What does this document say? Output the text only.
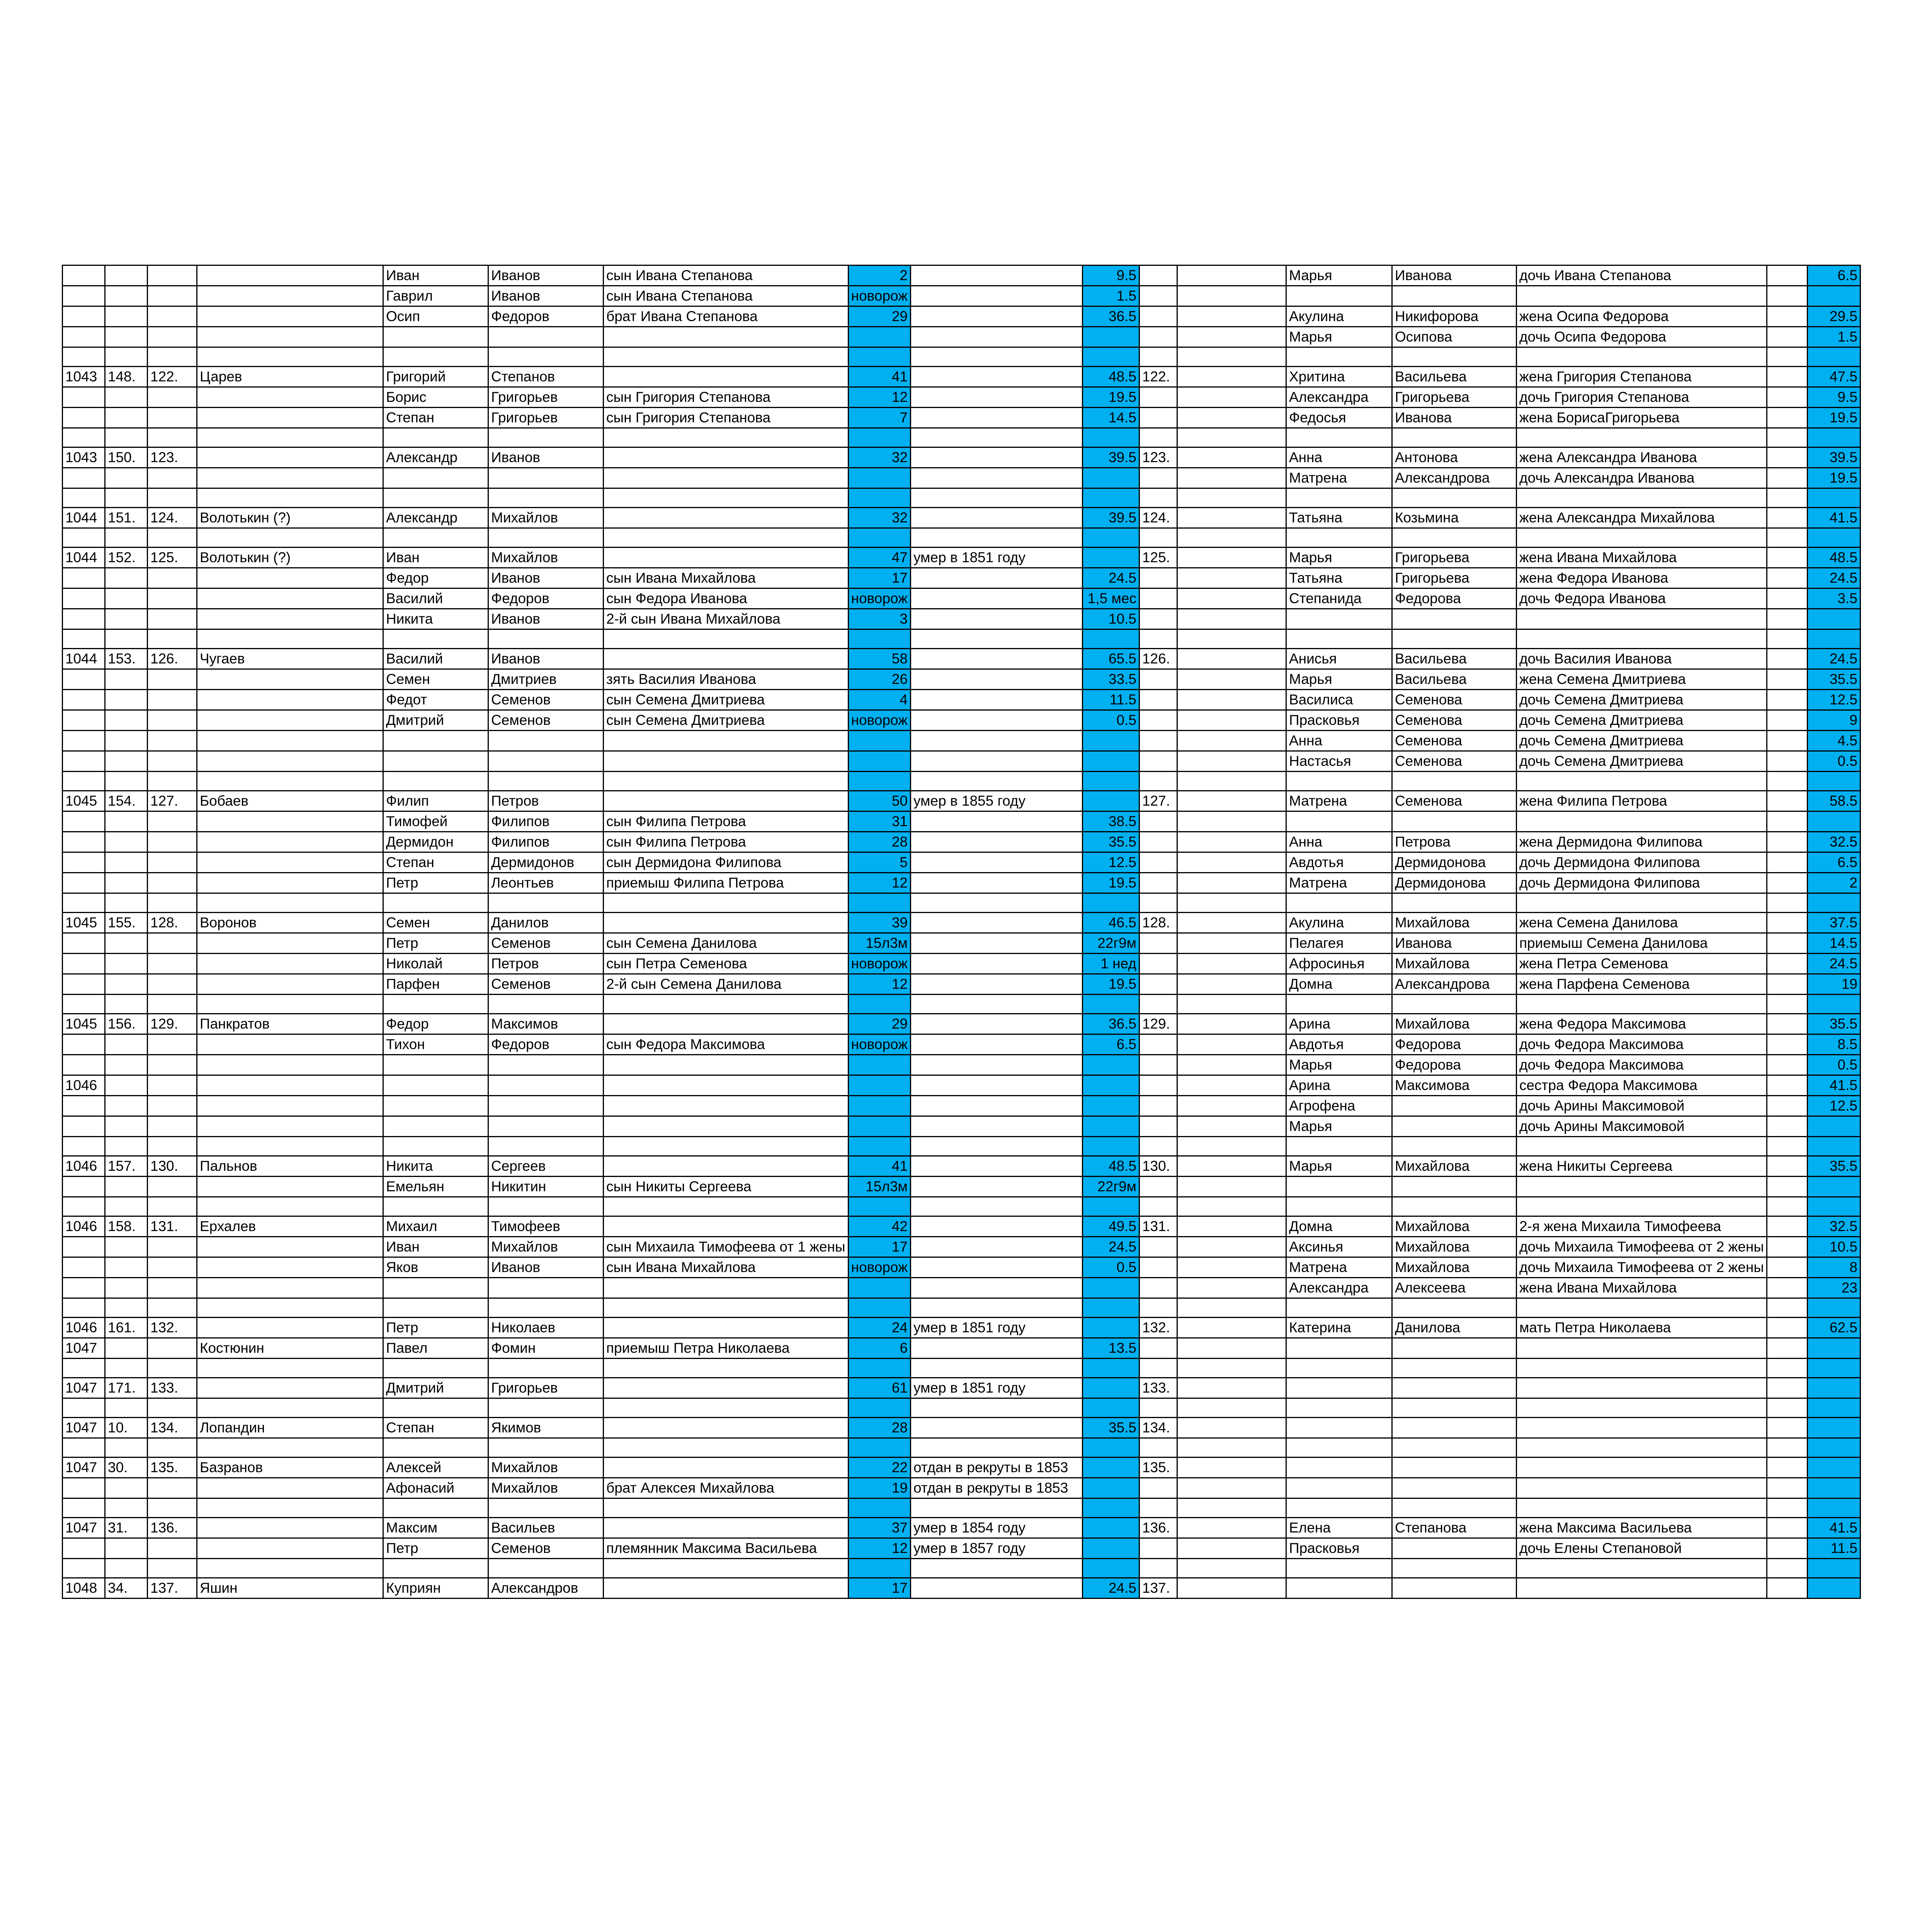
				Иван	Иванов	сын Ивана Степанова	2		9.5			Марья	Иванова	дочь Ивана Степанова		6.5
				Гаврил	Иванов	сын Ивана Степанова	новорож		1.5							
				Осип	Федоров	брат Ивана Степанова	29		36.5			Акулина	Никифорова	жена Осипа Федорова		29.5
												Марья	Осипова	дочь Осипа Федорова		1.5

1043	148.	122.	Царев	Григорий	Степанов		41		48.5	122.		Хритина	Васильева	жена Григория Степанова		47.5
				Борис	Григорьев	сын Григория Степанова	12		19.5			Александра	Григорьева	дочь Григория Степанова		9.5
				Степан	Григорьев	сын Григория Степанова	7		14.5			Федосья	Иванова	жена БорисаГригорьева		19.5

1043	150.	123.		Александр	Иванов		32		39.5	123.		Анна	Антонова	жена Александра Иванова		39.5
												Матрена	Александрова	дочь Александра Иванова		19.5

1044	151.	124.	Волотькин (?)	Александр	Михайлов		32		39.5	124.		Татьяна	Козьмина	жена Александра Михайлова		41.5

1044	152.	125.	Волотькин (?)	Иван	Михайлов		47	умер в 1851 году		125.		Марья	Григорьева	жена Ивана Михайлова		48.5
				Федор	Иванов	сын Ивана Михайлова	17		24.5			Татьяна	Григорьева	жена Федора Иванова		24.5
				Василий	Федоров	сын Федора Иванова	новорож		1,5 мес			Степанида	Федорова	дочь Федора Иванова		3.5
				Никита	Иванов	2-й сын Ивана Михайлова	3		10.5							

1044	153.	126.	Чугаев	Василий	Иванов		58		65.5	126.		Анисья	Васильева	дочь Василия Иванова		24.5
				Семен	Дмитриев	зять Василия Иванова	26		33.5			Марья	Васильева	жена Семена Дмитриева		35.5
				Федот	Семенов	сын Семена Дмитриева	4		11.5			Василиса	Семенова	дочь Семена Дмитриева		12.5
				Дмитрий	Семенов	сын Семена Дмитриева	новорож		0.5			Прасковья	Семенова	дочь Семена Дмитриева		9
												Анна	Семенова	дочь Семена Дмитриева		4.5
												Настасья	Семенова	дочь Семена Дмитриева		0.5

1045	154.	127.	Бобаев	Филип	Петров		50	умер в 1855 году		127.		Матрена	Семенова	жена Филипа Петрова		58.5
				Тимофей	Филипов	сын Филипа Петрова	31		38.5							
				Дермидон	Филипов	сын Филипа Петрова	28		35.5			Анна	Петрова	жена Дермидона Филипова		32.5
				Степан	Дермидонов	сын Дермидона Филипова	5		12.5			Авдотья	Дермидонова	дочь Дермидона Филипова		6.5
				Петр	Леонтьев	приемыш Филипа Петрова	12		19.5			Матрена	Дермидонова	дочь Дермидона Филипова		2

1045	155.	128.	Воронов	Семен	Данилов		39		46.5	128.		Акулина	Михайлова	жена Семена Данилова		37.5
				Петр	Семенов	сын Семена Данилова	15л3м		22г9м			Пелагея	Иванова	приемыш Семена Данилова		14.5
				Николай	Петров	сын Петра Семенова	новорож		1 нед			Афросинья	Михайлова	жена Петра Семенова		24.5
				Парфен	Семенов	2-й сын Семена Данилова	12		19.5			Домна	Александрова	жена Парфена Семенова		19

1045	156.	129.	Панкратов	Федор	Максимов		29		36.5	129.		Арина	Михайлова	жена Федора Максимова		35.5
				Тихон	Федоров	сын Федора Максимова	новорож		6.5			Авдотья	Федорова	дочь Федора Максимова		8.5
												Марья	Федорова	дочь Федора Максимова		0.5
1046												Арина	Максимова	сестра Федора Максимова		41.5
												Агрофена		дочь Арины Максимовой		12.5
												Марья		дочь Арины Максимовой		

1046	157.	130.	Пальнов	Никита	Сергеев		41		48.5	130.		Марья	Михайлова	жена Никиты Сергеева		35.5
				Емельян	Никитин	сын Никиты Сергеева	15л3м		22г9м							

1046	158.	131.	Ерхалев	Михаил	Тимофеев		42		49.5	131.		Домна	Михайлова	2-я жена Михаила Тимофеева		32.5
				Иван	Михайлов	сын Михаила Тимофеева от 1 жены	17		24.5			Аксинья	Михайлова	дочь Михаила Тимофеева от 2 жены		10.5
				Яков	Иванов	сын Ивана Михайлова	новорож		0.5			Матрена	Михайлова	дочь Михаила Тимофеева от 2 жены		8
												Александра	Алексеева	жена Ивана Михайлова		23

1046	161.	132.		Петр	Николаев		24	умер в 1851 году		132.		Катерина	Данилова	мать Петра Николаева		62.5
1047			Костюнин	Павел	Фомин	приемыш Петра Николаева	6		13.5							

1047	171.	133.		Дмитрий	Григорьев		61	умер в 1851 году		133.						

1047	10.	134.	Лопандин	Степан	Якимов		28		35.5	134.						

1047	30.	135.	Базранов	Алексей	Михайлов		22	отдан в рекруты в 1853		135.						
				Афонасий	Михайлов	брат Алексея Михайлова	19	отдан в рекруты в 1853								

1047	31.	136.		Максим	Васильев		37	умер в 1854 году		136.		Елена	Степанова	жена Максима Васильева		41.5
				Петр	Семенов	племянник Максима Васильева	12	умер в 1857 году				Прасковья		дочь Елены Степановой		11.5

1048	34.	137.	Яшин	Куприян	Александров		17		24.5	137.						
